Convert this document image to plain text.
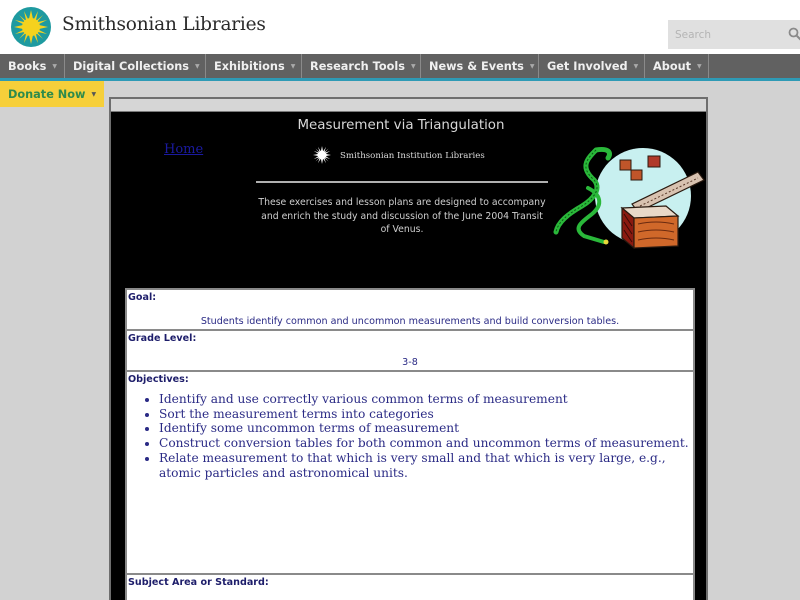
Smithsonian Libraries
Search
Books ▼ Digital Collections ▼ Exhibitions ▼ Research Tools ▼ News & Events ▼ Get Involved ▼ About ▼
Donate Now ▼
Measurement via Triangulation
Home	Smithsonian Institution Libraries
These exercises and lesson plans are designed to accompany and enrich the study and discussion of the June 2004 Transit of Venus.
Goal:
Students identify common and uncommon measurements and build conversion tables.
Grade Level:
3-8
Objectives:
• Identify and use correctly various common terms of measurement
• Sort the measurement terms into categories
• Identify some uncommon terms of measurement
• Construct conversion tables for both common and uncommon terms of measurement.
• Relate measurement to that which is very small and that which is very large, e.g., atomic particles and astronomical units.
Subject Area or Standard:
